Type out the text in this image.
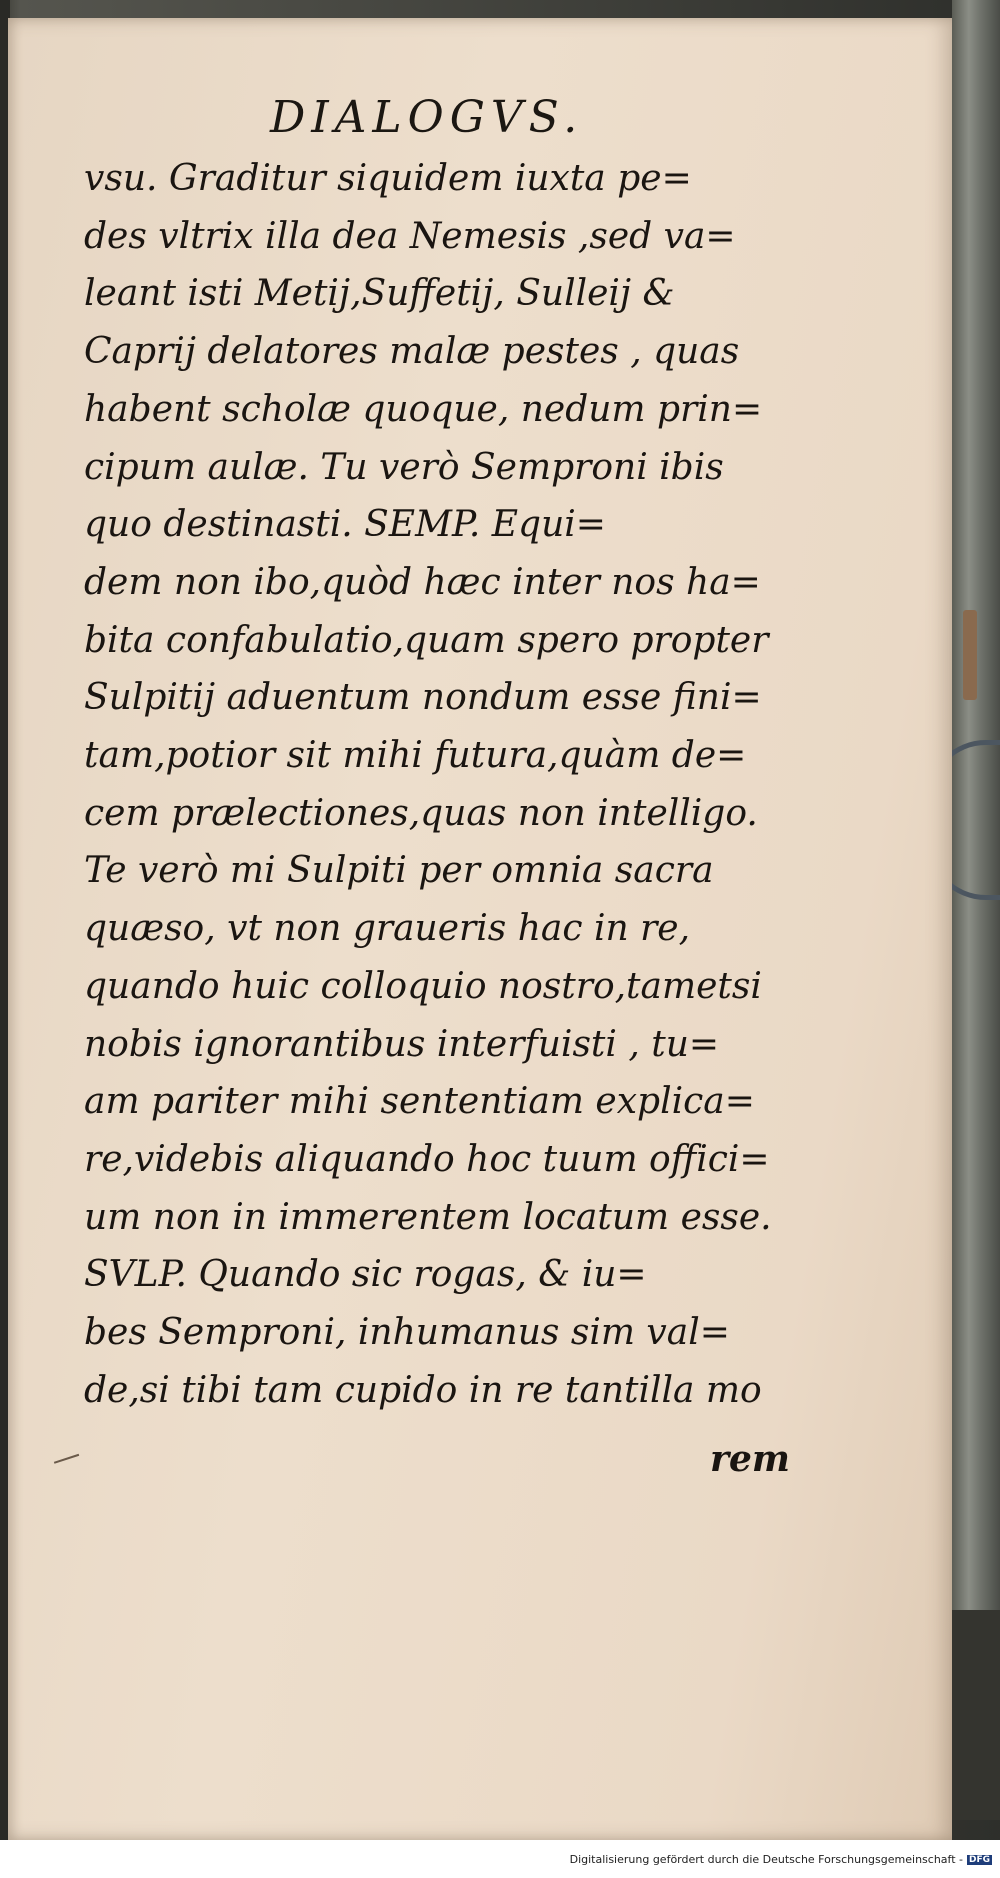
DIALOGVS.
vsu. Graditur siquidem iuxta pe=
des vltrix illa dea Nemesis ,sed va=
leant isti Metij,Suffetij, Sulleij &
Caprij delatores malæ pestes , quas
habent scholæ quoque, nedum prin=
cipum aulæ. Tu verò Semproni ibis
quo destinasti. SEMP. Equi=
dem non ibo,quòd hæc inter nos ha=
bita confabulatio,quam spero propter
Sulpitij aduentum nondum esse fini=
tam,potior sit mihi futura,quàm de=
cem prælectiones,quas non intelligo.
Te verò mi Sulpiti per omnia sacra
quæso, vt non graueris hac in re,
quando huic colloquio nostro,tametsi
nobis ignorantibus interfuisti , tu=
am pariter mihi sententiam explica=
re,videbis aliquando hoc tuum offici=
um non in immerentem locatum esse.
SVLP. Quando sic rogas, & iu=
bes Semproni, inhumanus sim val=
de,si tibi tam cupido in re tantilla mo
rem
Digitalisierung gefördert durch die Deutsche Forschungsgemeinschaft - DFG
